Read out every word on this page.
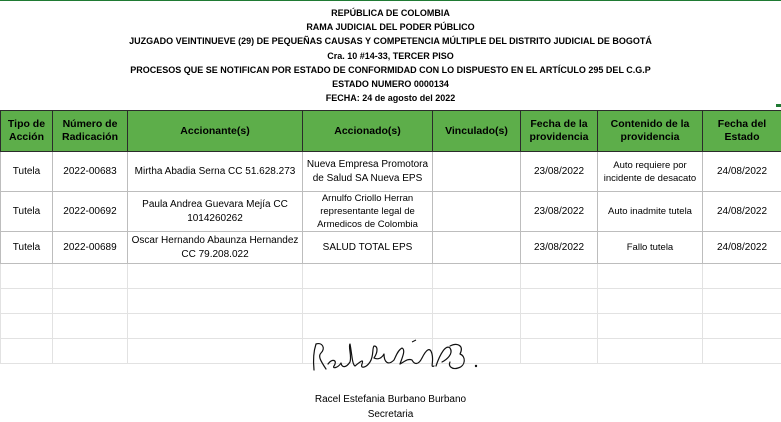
REPÚBLICA DE COLOMBIA
RAMA JUDICIAL DEL PODER PÚBLICO
JUZGADO VEINTINUEVE (29) DE PEQUEÑAS CAUSAS Y COMPETENCIA MÚLTIPLE DEL DISTRITO JUDICIAL DE BOGOTÁ
Cra. 10 #14-33, TERCER PISO
PROCESOS QUE SE NOTIFICAN POR ESTADO DE CONFORMIDAD CON LO DISPUESTO EN EL ARTÍCULO 295 DEL C.G.P
ESTADO NUMERO 0000134
FECHA: 24 de agosto del 2022
Tipo de Acción	Número de Radicación	Accionante(s)	Accionado(s)	Vinculado(s)	Fecha de la providencia	Contenido de la providencia	Fecha del Estado
Tutela	2022-00683	Mirtha Abadia Serna CC 51.628.273	Nueva Empresa Promotora de Salud SA Nueva EPS		23/08/2022	Auto requiere por incidente de desacato	24/08/2022
Tutela	2022-00692	Paula Andrea Guevara Mejía CC 1014260262	Arnulfo Criollo Herran representante legal de Armedicos de Colombia		23/08/2022	Auto inadmite tutela	24/08/2022
Tutela	2022-00689	Oscar Hernando Abaunza Hernandez CC 79.208.022	SALUD TOTAL EPS		23/08/2022	Fallo tutela	24/08/2022

Racel Estefania Burbano Burbano
Secretaria
